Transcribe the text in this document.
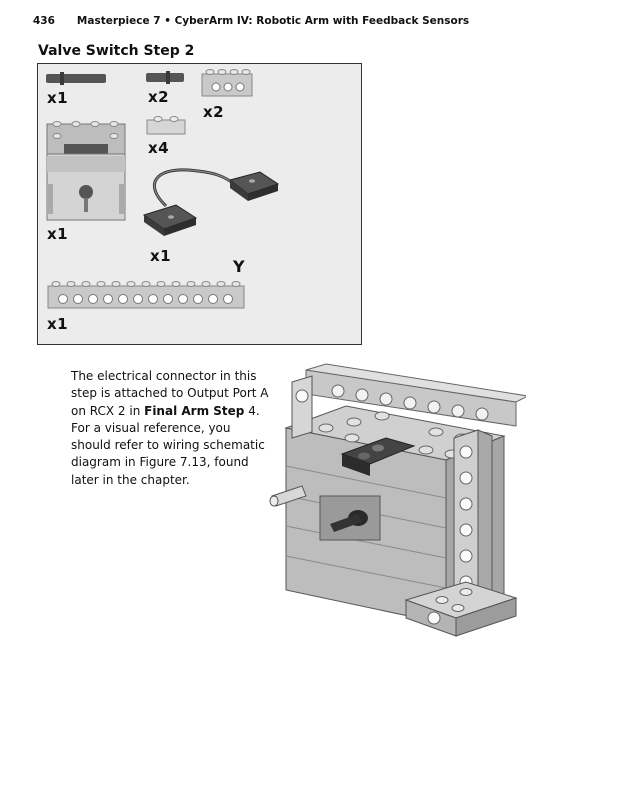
436 Masterpiece 7 • CyberArm IV: Robotic Arm with Feedback Sensors
Valve Switch Step 2
x1	x2
x2
x4
x1
x1
Y
x1
The electrical connector in this step is attached to Output Port A on RCX 2 in Final Arm Step 4. For a visual reference, you should refer to wiring schematic diagram in Figure 7.13, found later in the chapter.
